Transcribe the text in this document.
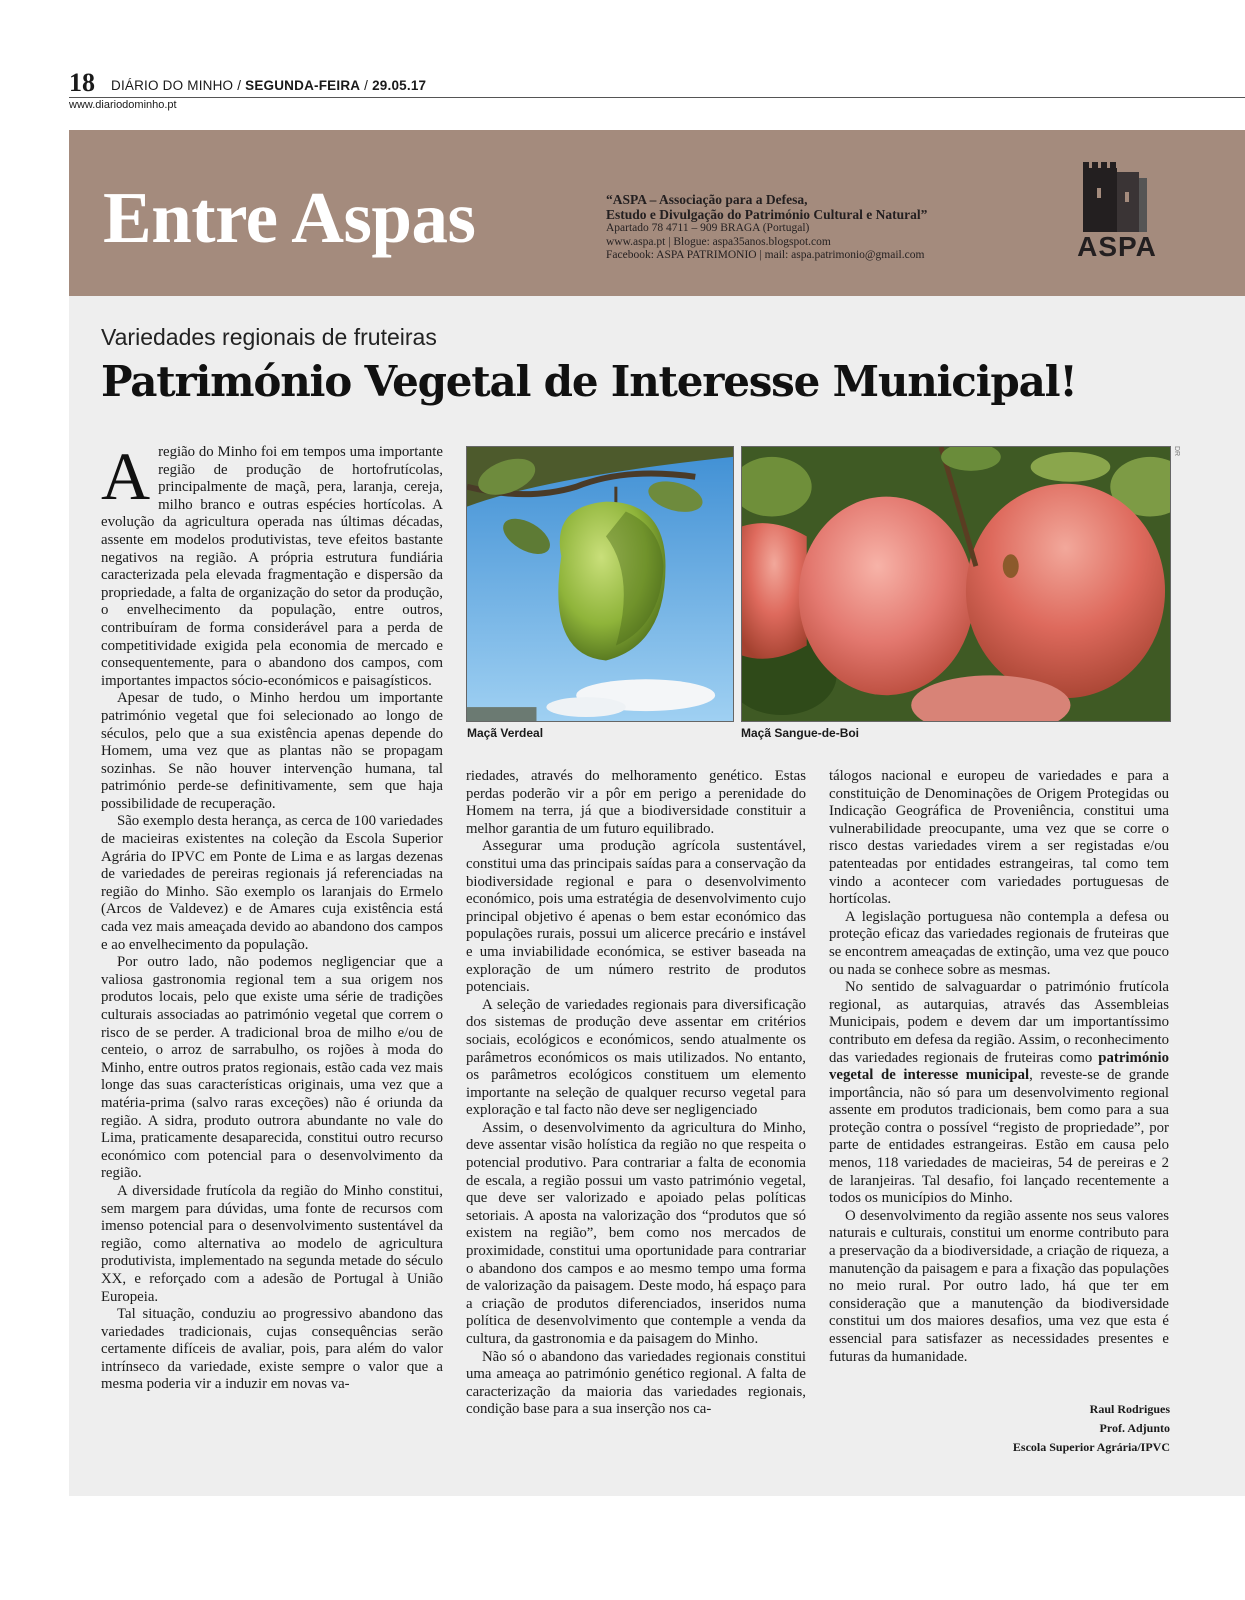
18 DIÁRIO DO MINHO / SEGUNDA-FEIRA / 29.05.17
www.diariodominho.pt
Entre Aspas	“ASPA – Associação para a Defesa,
Estudo e Divulgação do Património Cultural e Natural”
Apartado 78 4711 – 909 BRAGA (Portugal)
www.aspa.pt | Blogue: aspa35anos.blogspot.com
Facebook: ASPA PATRIMONIO | mail: aspa.patrimonio@gmail.com	ASPA
Variedades regionais de fruteiras
Património Vegetal de Interesse Municipal!

Aregião do Minho foi em tempos uma importante região de produção de hortofrutícolas, principalmente de maçã, pera, laranja, cereja, milho branco e outras espécies hortícolas. A evolução da agricultura operada nas últimas décadas, assente em modelos produtivistas, teve efeitos bastante negativos na região. A própria estrutura fundiária caracterizada pela elevada fragmentação e dispersão da propriedade, a falta de organização do setor da produção, o envelhecimento da população, entre outros, contribuíram de forma considerável para a perda de competitividade exigida pela economia de mercado e consequentemente, para o abandono dos campos, com importantes impactos sócio-económicos e paisagísticos.

Apesar de tudo, o Minho herdou um importante património vegetal que foi selecionado ao longo de séculos, pelo que a sua existência apenas depende do Homem, uma vez que as plantas não se propagam sozinhas. Se não houver intervenção humana, tal património perde-se definitivamente, sem que haja possibilidade de recuperação.

São exemplo desta herança, as cerca de 100 variedades de macieiras existentes na coleção da Escola Superior Agrária do IPVC em Ponte de Lima e as largas dezenas de variedades de pereiras regionais já referenciadas na região do Minho. São exemplo os laranjais do Ermelo (Arcos de Valdevez) e de Amares cuja existência está cada vez mais ameaçada devido ao abandono dos campos e ao envelhecimento da população.

Por outro lado, não podemos negligenciar que a valiosa gastronomia regional tem a sua origem nos produtos locais, pelo que existe uma série de tradições culturais associadas ao património vegetal que correm o risco de se perder. A tradicional broa de milho e/ou de centeio, o arroz de sarrabulho, os rojões à moda do Minho, entre outros pratos regionais, estão cada vez mais longe das suas características originais, uma vez que a matéria-prima (salvo raras exceções) não é oriunda da região. A sidra, produto outrora abundante no vale do Lima, praticamente desaparecida, constitui outro recurso económico com potencial para o desenvolvimento da região.

A diversidade frutícola da região do Minho constitui, sem margem para dúvidas, uma fonte de recursos com imenso potencial para o desenvolvimento sustentável da região, como alternativa ao modelo de agricultura produtivista, implementado na segunda metade do século XX, e reforçado com a adesão de Portugal à União Europeia.

Tal situação, conduziu ao progressivo abandono das variedades tradicionais, cujas consequências serão certamente difíceis de avaliar, pois, para além do valor intrínseco da variedade, existe sempre o valor que a mesma poderia vir a induzir em novas va-

Maçã Verdeal	Maçã Sangue-de-Boi
DR

riedades, através do melhoramento genético. Estas perdas poderão vir a pôr em perigo a perenidade do Homem na terra, já que a biodiversidade constituir a melhor garantia de um futuro equilibrado.

Assegurar uma produção agrícola sustentável, constitui uma das principais saídas para a conservação da biodiversidade regional e para o desenvolvimento económico, pois uma estratégia de desenvolvimento cujo principal objetivo é apenas o bem estar económico das populações rurais, possui um alicerce precário e instável e uma inviabilidade económica, se estiver baseada na exploração de um número restrito de produtos potenciais.

A seleção de variedades regionais para diversificação dos sistemas de produção deve assentar em critérios sociais, ecológicos e económicos, sendo atualmente os parâmetros económicos os mais utilizados. No entanto, os parâmetros ecológicos constituem um elemento importante na seleção de qualquer recurso vegetal para exploração e tal facto não deve ser negligenciado

Assim, o desenvolvimento da agricultura do Minho, deve assentar visão holística da região no que respeita o potencial produtivo. Para contrariar a falta de economia de escala, a região possui um vasto património vegetal, que deve ser valorizado e apoiado pelas políticas setoriais. A aposta na valorização dos “produtos que só existem na região”, bem como nos mercados de proximidade, constitui uma oportunidade para contrariar o abandono dos campos e ao mesmo tempo uma forma de valorização da paisagem. Deste modo, há espaço para a criação de produtos diferenciados, inseridos numa política de desenvolvimento que contemple a venda da cultura, da gastronomia e da paisagem do Minho.

Não só o abandono das variedades regionais constitui uma ameaça ao património genético regional. A falta de caracterização da maioria das variedades regionais, condição base para a sua inserção nos ca-

tálogos nacional e europeu de variedades e para a constituição de Denominações de Origem Protegidas ou Indicação Geográfica de Proveniência, constitui uma vulnerabilidade preocupante, uma vez que se corre o risco destas variedades virem a ser registadas e/ou patenteadas por entidades estrangeiras, tal como tem vindo a acontecer com variedades portuguesas de hortícolas.

A legislação portuguesa não contempla a defesa ou proteção eficaz das variedades regionais de fruteiras que se encontrem ameaçadas de extinção, uma vez que pouco ou nada se conhece sobre as mesmas.

No sentido de salvaguardar o património frutícola regional, as autarquias, através das Assembleias Municipais, podem e devem dar um importantíssimo contributo em defesa da região. Assim, o reconhecimento das variedades regionais de fruteiras como património vegetal de interesse municipal, reveste-se de grande importância, não só para um desenvolvimento regional assente em produtos tradicionais, bem como para a sua proteção contra o possível “registo de propriedade”, por parte de entidades estrangeiras. Estão em causa pelo menos, 118 variedades de macieiras, 54 de pereiras e 2 de laranjeiras. Tal desafio, foi lançado recentemente a todos os municípios do Minho.

O desenvolvimento da região assente nos seus valores naturais e culturais, constitui um enorme contributo para a preservação da a biodiversidade, a criação de riqueza, a manutenção da paisagem e para a fixação das populações no meio rural. Por outro lado, há que ter em consideração que a manutenção da biodiversidade constitui um dos maiores desafios, uma vez que esta é essencial para satisfazer as necessidades presentes e futuras da humanidade.

Raul Rodrigues
Prof. Adjunto
Escola Superior Agrária/IPVC
